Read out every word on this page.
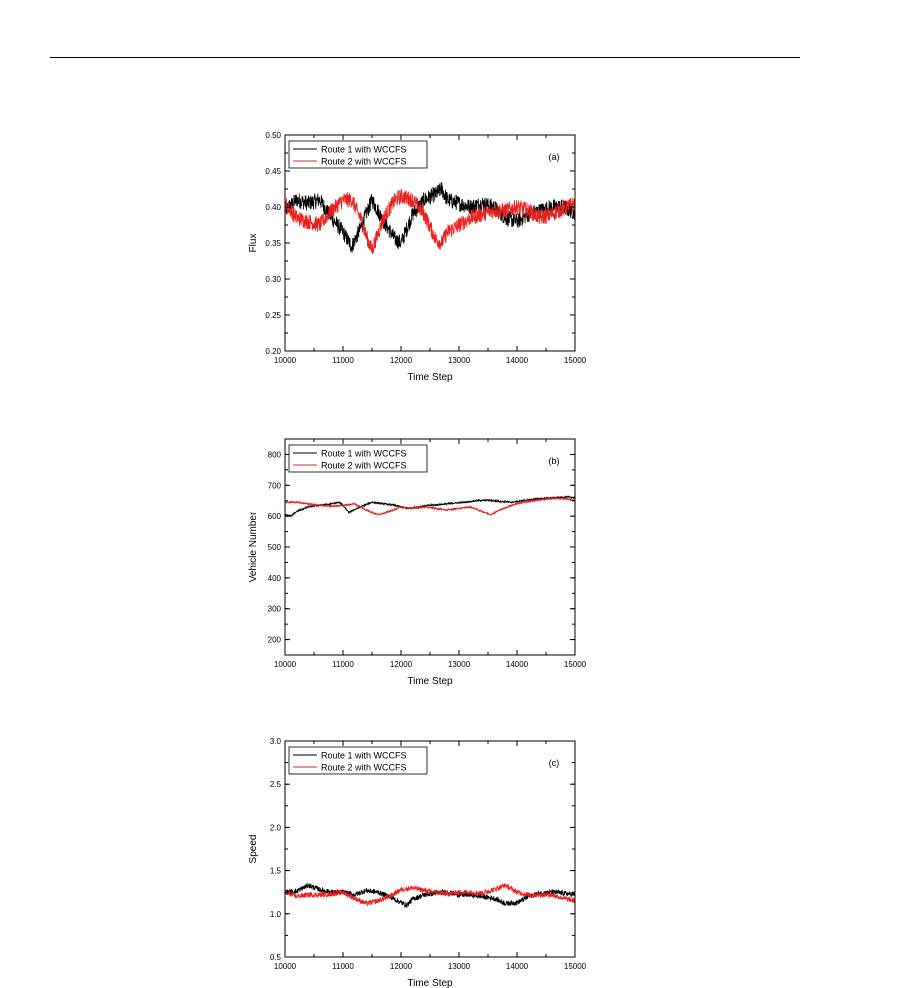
10000	11000	12000	13000	14000	15000
0.20
0.25
0.30
0.35
0.40
0.45
0.50
Time Step
Flux
(a)
Route 1 with WCCFS
Route 2 with WCCFS
10000	11000	12000	13000	14000	15000
200
300
400
500
600
700
800
Time Step
Vehicle Number
(b)
Route 1 with WCCFS
Route 2 with WCCFS
10000	11000	12000	13000	14000	15000
0.5
1.0
1.5
2.0
2.5
3.0
Time Step
Speed
(c)
Route 1 with WCCFS
Route 2 with WCCFS
